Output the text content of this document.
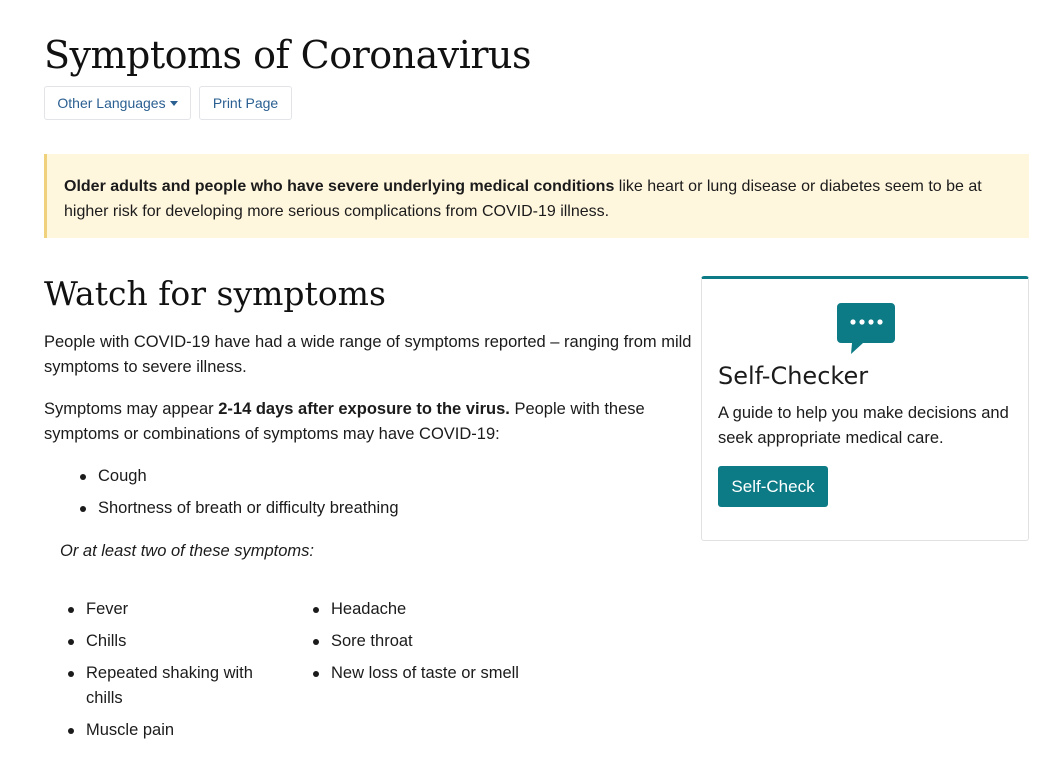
Symptoms of Coronavirus
Other Languages	Print Page
Older adults and people who have severe underlying medical conditions like heart or lung disease or diabetes seem to be at higher risk for developing more serious complications from COVID-19 illness.
Watch for symptoms

People with COVID-19 have had a wide range of symptoms reported – ranging from mild symptoms to severe illness.

Symptoms may appear 2-14 days after exposure to the virus. People with these symptoms or combinations of symptoms may have COVID-19:

Cough
Shortness of breath or difficulty breathing

Or at least two of these symptoms:

Fever
Chills
Repeated shaking with chills
Muscle pain
Headache
Sore throat
New loss of taste or smell
Self-Checker

A guide to help you make decisions and seek appropriate medical care.

Self-Check
